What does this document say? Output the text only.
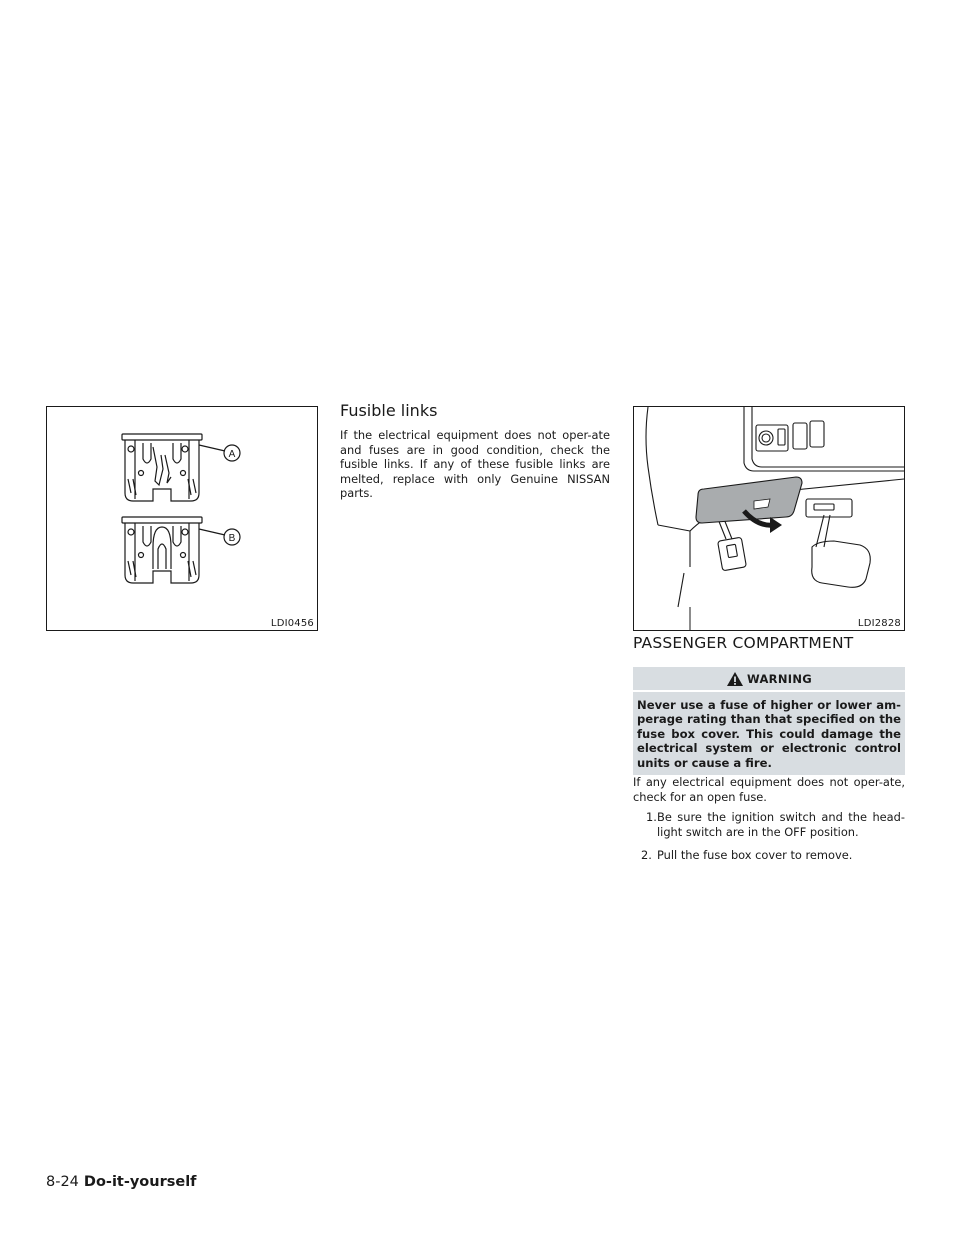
A
B
LDI0456
Fusible links

If the electrical equipment does not oper-ate and fuses are in good condition, check the fusible links. If any of these fusible links are melted, replace with only Genuine NISSAN parts.

LDI2828
PASSENGER COMPARTMENT
WARNING
Never use a fuse of higher or lower am-perage rating than that specified on the fuse box cover. This could damage the electrical system or electronic control units or cause a fire.

If any electrical equipment does not oper-ate, check for an open fuse.

1. Be sure the ignition switch and the head-light switch are in the OFF position.
2. Pull the fuse box cover to remove.
8-24 Do-it-yourself
